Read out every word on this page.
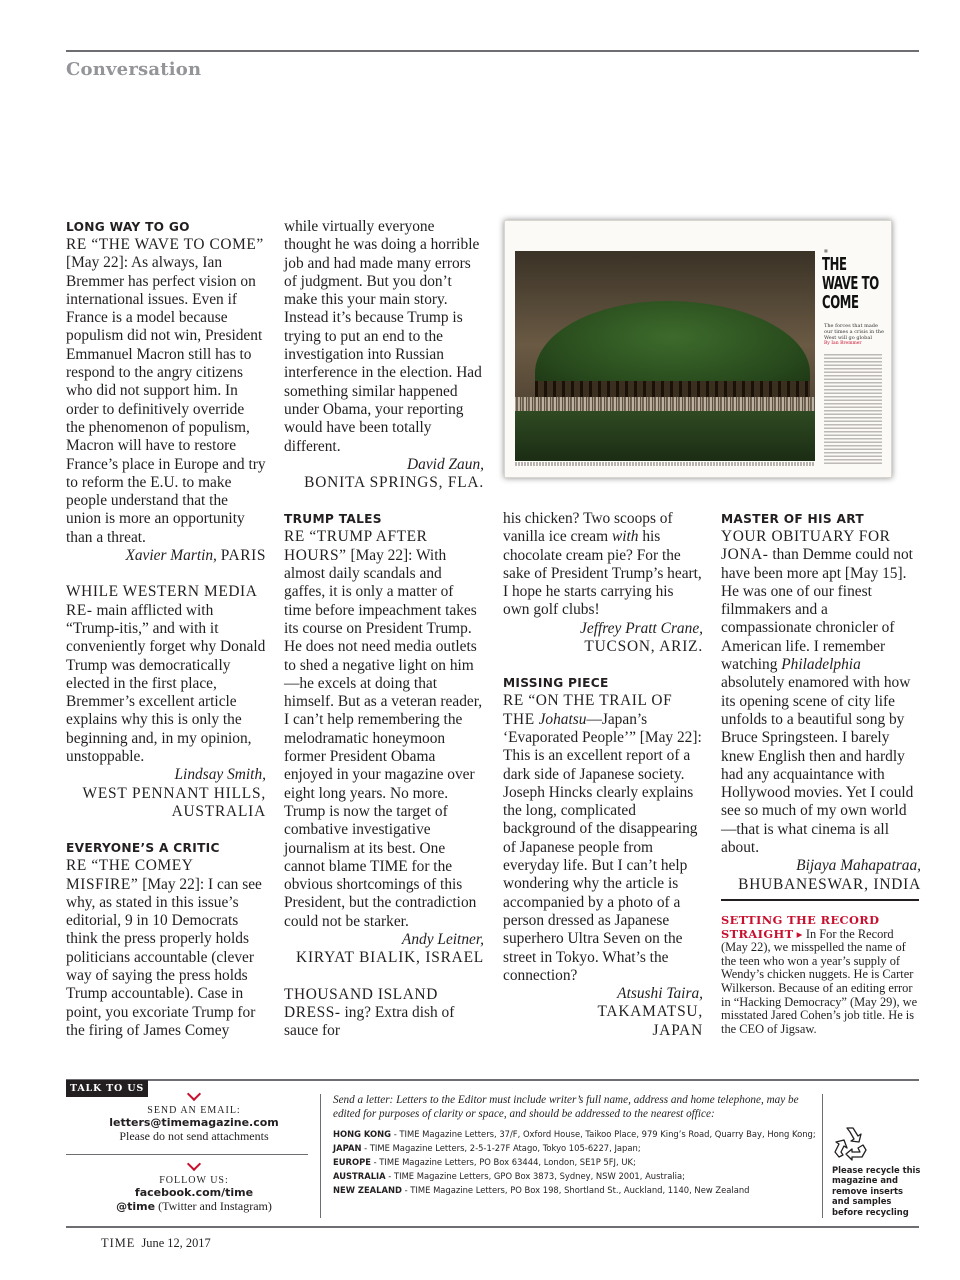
Conversation

LONG WAY TO GO

RE “THE WAVE TO COME” [May 22]: As always, Ian Bremmer has perfect vision on international issues. Even if France is a model because populism did not win, President Emmanuel Macron still has to respond to the angry citizens who did not support him. In order to definitively override the phenomenon of populism, Macron will have to restore France’s place in Europe and try to reform the E.U. to make people understand that the union is more an opportunity than a threat.

Xavier Martin, PARIS

WHILE WESTERN MEDIA RE- main afflicted with “Trump-itis,” and with it conveniently forget why Donald Trump was democratically elected in the first place, Bremmer’s excellent article explains why this is only the beginning and, in my opinion, unstoppable.

Lindsay Smith,

WEST PENNANT HILLS,

AUSTRALIA

EVERYONE’S A CRITIC

RE “THE COMEY MISFIRE” [May 22]: I can see why, as stated in this issue’s editorial, 9 in 10 Democrats think the press properly holds politicians accountable (clever way of saying the press holds Trump accountable). Case in point, you excoriate Trump for the firing of James Comey

while virtually everyone thought he was doing a horrible job and had made many errors of judgment. But you don’t make this your main story. Instead it’s because Trump is trying to put an end to the investigation into Russian interference in the election. Had something similar happened under Obama, your reporting would have been totally different.

David Zaun,

BONITA SPRINGS, FLA.

TRUMP TALES

RE “TRUMP AFTER HOURS” [May 22]: With almost daily scandals and gaffes, it is only a matter of time before impeachment takes its course on President Trump. He does not need media outlets to shed a negative light on him—he excels at doing that himself. But as a veteran reader, I can’t help remembering the melodramatic honeymoon former President Obama enjoyed in your magazine over eight long years. No more. Trump is now the target of combative investigative journalism at its best. One cannot blame TIME for the obvious shortcomings of this President, but the contradiction could not be starker.

Andy Leitner,

KIRYAT BIALIK, ISRAEL

THOUSAND ISLAND DRESS- ing? Extra dish of sauce for

■
THE WAVE TO COME
The forces that made our times a crisis in the West will go global
By Ian Bremmer

his chicken? Two scoops of vanilla ice cream with his chocolate cream pie? For the sake of President Trump’s heart, I hope he starts carrying his own golf clubs!

Jeffrey Pratt Crane,

TUCSON, ARIZ.

MISSING PIECE

RE “ON THE TRAIL OF THE Johatsu—Japan’s ‘Evaporated People’” [May 22]: This is an excellent report of a dark side of Japanese society. Joseph Hincks clearly explains the long, complicated background of the disappearing of Japanese people from everyday life. But I can’t help wondering why the article is accompanied by a photo of a person dressed as Japanese superhero Ultra Seven on the street in Tokyo. What’s the connection?

Atsushi Taira,

TAKAMATSU,

JAPAN

MASTER OF HIS ART

YOUR OBITUARY FOR JONA- than Demme could not have been more apt [May 15]. He was one of our finest filmmakers and a compassionate chronicler of American life. I remember watching Philadelphia absolutely enamored with how its opening scene of city life unfolds to a beautiful song by Bruce Springsteen. I barely knew English then and hardly had any acquaintance with Hollywood movies. Yet I could see so much of my own world—that is what cinema is all about.

Bijaya Mahapatraa,

BHUBANESWAR, INDIA

SETTING THE RECORD STRAIGHT ▸ In For the Record (May 22), we misspelled the name of the teen who won a year’s supply of Wendy’s chicken nuggets. He is Carter Wilkerson. Because of an editing error in “Hacking Democracy” (May 29), we misstated Jared Cohen’s job title. He is the CEO of Jigsaw.
TALK TO US
SEND AN EMAIL:
letters@timemagazine.com
Please do not send attachments
FOLLOW US:
facebook.com/time
@time (Twitter and Instagram)

Send a letter: Letters to the Editor must include writer’s full name, address and home telephone, may be edited for purposes of clarity or space, and should be addressed to the nearest office:

HONG KONG - TIME Magazine Letters, 37/F, Oxford House, Taikoo Place, 979 King’s Road, Quarry Bay, Hong Kong;

JAPAN - TIME Magazine Letters, 2-5-1-27F Atago, Tokyo 105-6227, Japan;

EUROPE - TIME Magazine Letters, PO Box 63444, London, SE1P 5FJ, UK;

AUSTRALIA - TIME Magazine Letters, GPO Box 3873, Sydney, NSW 2001, Australia;

NEW ZEALAND - TIME Magazine Letters, PO Box 198, Shortland St., Auckland, 1140, New Zealand

Please recycle this magazine and remove inserts and samples before recycling
TIME June 12, 2017
